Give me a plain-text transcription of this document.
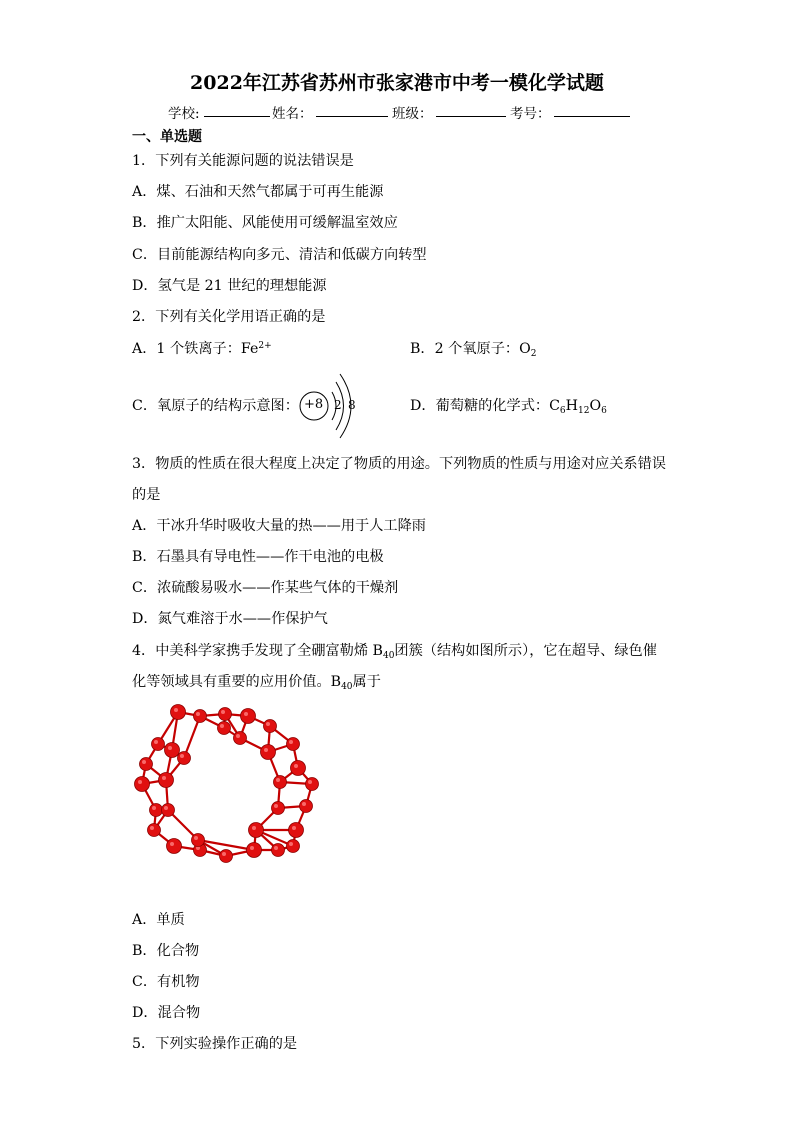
2022年江苏省苏州市张家港市中考一模化学试题
学校:	姓名：	班级：	考号：
一、单选题
1．下列有关能源问题的说法错误是
A．煤、石油和天然气都属于可再生能源
B．推广太阳能、风能使用可缓解温室效应
C．目前能源结构向多元、清洁和低碳方向转型
D．氢气是 21 世纪的理想能源
2．下列有关化学用语正确的是
A．1 个铁离子：$Fe^{2+}$	B．2 个氧原子：$O_2$
C．氧原子的结构示意图： +8 2 8	D．葡萄糖的化学式：$C_6H_{12}O_6$
3．物质的性质在很大程度上决定了物质的用途。下列物质的性质与用途对应关系错误
的是
A．干冰升华时吸收大量的热——用于人工降雨
B．石墨具有导电性——作干电池的电极
C．浓硫酸易吸水——作某些气体的干燥剂
D．氮气难溶于水——作保护气
4．中美科学家携手发现了全硼富勒烯 $B_{40}$团簇（结构如图所示），它在超导、绿色催
化等领域具有重要的应用价值。$B_{40}$属于
A．单质
B．化合物
C．有机物
D．混合物
5．下列实验操作正确的是
